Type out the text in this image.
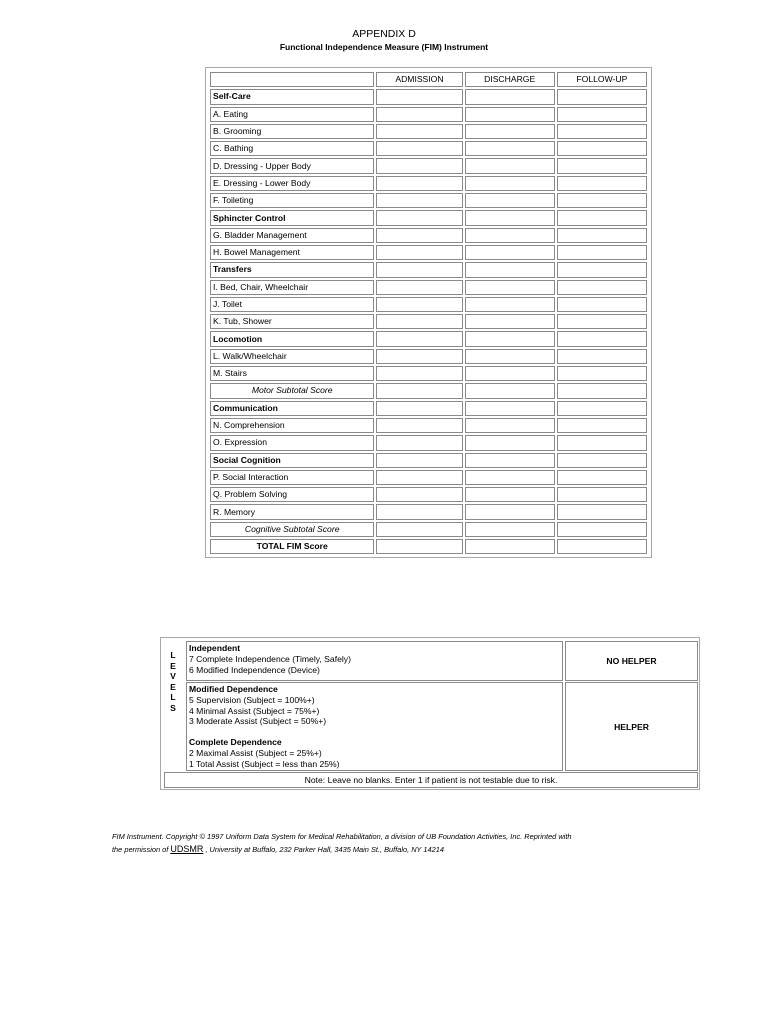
APPENDIX D
Functional Independence Measure (FIM) Instrument
	ADMISSION	DISCHARGE	FOLLOW-UP
Self-Care			
A. Eating			
B. Grooming			
C. Bathing			
D. Dressing - Upper Body			
E. Dressing - Lower Body			
F. Toileting			
Sphincter Control			
G. Bladder Management			
H. Bowel Management			
Transfers			
I. Bed, Chair, Wheelchair			
J. Toilet			
K. Tub, Shower			
Locomotion			
L. Walk/Wheelchair			
M. Stairs			
Motor Subtotal Score			
Communication			
N. Comprehension			
O. Expression			
Social Cognition			
P. Social Interaction			
Q. Problem Solving			
R. Memory			
Cognitive Subtotal Score			
TOTAL FIM Score			
L
E
V
E
L
S
Independent
7 Complete Independence (Timely, Safely)
6 Modified Independence (Device)
NO HELPER
Modified Dependence
5 Supervision (Subject = 100%+)
4 Minimal Assist (Subject = 75%+)
3 Moderate Assist (Subject = 50%+)
Complete Dependence
2 Maximal Assist (Subject = 25%+)
1 Total Assist (Subject = less than 25%)
HELPER
Note: Leave no blanks. Enter 1 if patient is not testable due to risk.
FIM Instrument. Copyright © 1997 Uniform Data System for Medical Rehabilitation, a division of UB Foundation Activities, Inc. Reprinted with
the permission of UDSMR , University at Buffalo, 232 Parker Hall, 3435 Main St., Buffalo, NY 14214
